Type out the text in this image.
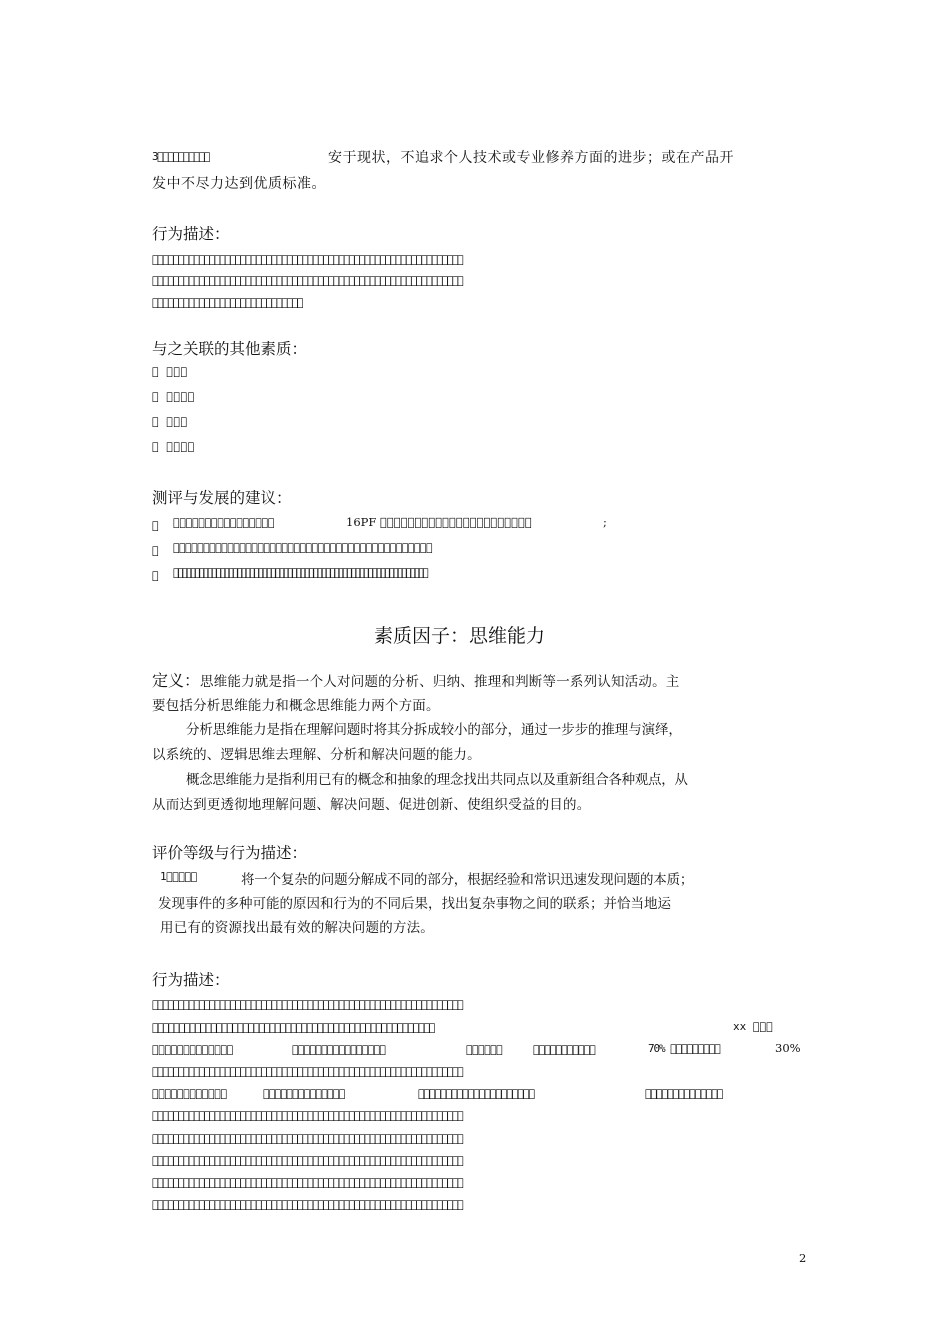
3          	安于现状，不追求个人技术或专业修养方面的进步；或在产品开
发中不尽力达到优质标准。
行为描述：
                                                            
                                                            
                             
与之关联的其他素质：
     
      
     
      
测评与发展的建议：
                  	16PF                       	;
                                             
                                                              
素质因子：思维能力
定义： 思维能力就是指一个人对问题的分析、归纳、推理和判断等一系列认知活动。主
要包括分析思维能力和概念思维能力两个方面。
分析思维能力是指在理解问题时将其分拆成较小的部分，通过一步步的推理与演绎，
以系统的、逻辑思维去理解、分析和解决问题的能力。
概念思维能力是指利用已有的概念和抽象的理念找出共同点以及重新组合各种观点，从
从而达到更透彻地理解问题、解决问题、促进创新、使组织受益的目的。
评价等级与行为描述：
1     	将一个复杂的问题分解成不同的部分，根据经验和常识迅速发现问题的本质；
发现事件的多种可能的原因和行为的不同后果，找出复杂事物之间的联系；并恰当地运
用已有的资源找出最有效的解决问题的方法。
行为描述：
                                                            
                                                     	xx    
             	                	      	           	70%          	30%
                                                            
            	              	                     	              
                                                            
                                                            
                                                            
                                                            
                                                            
2
